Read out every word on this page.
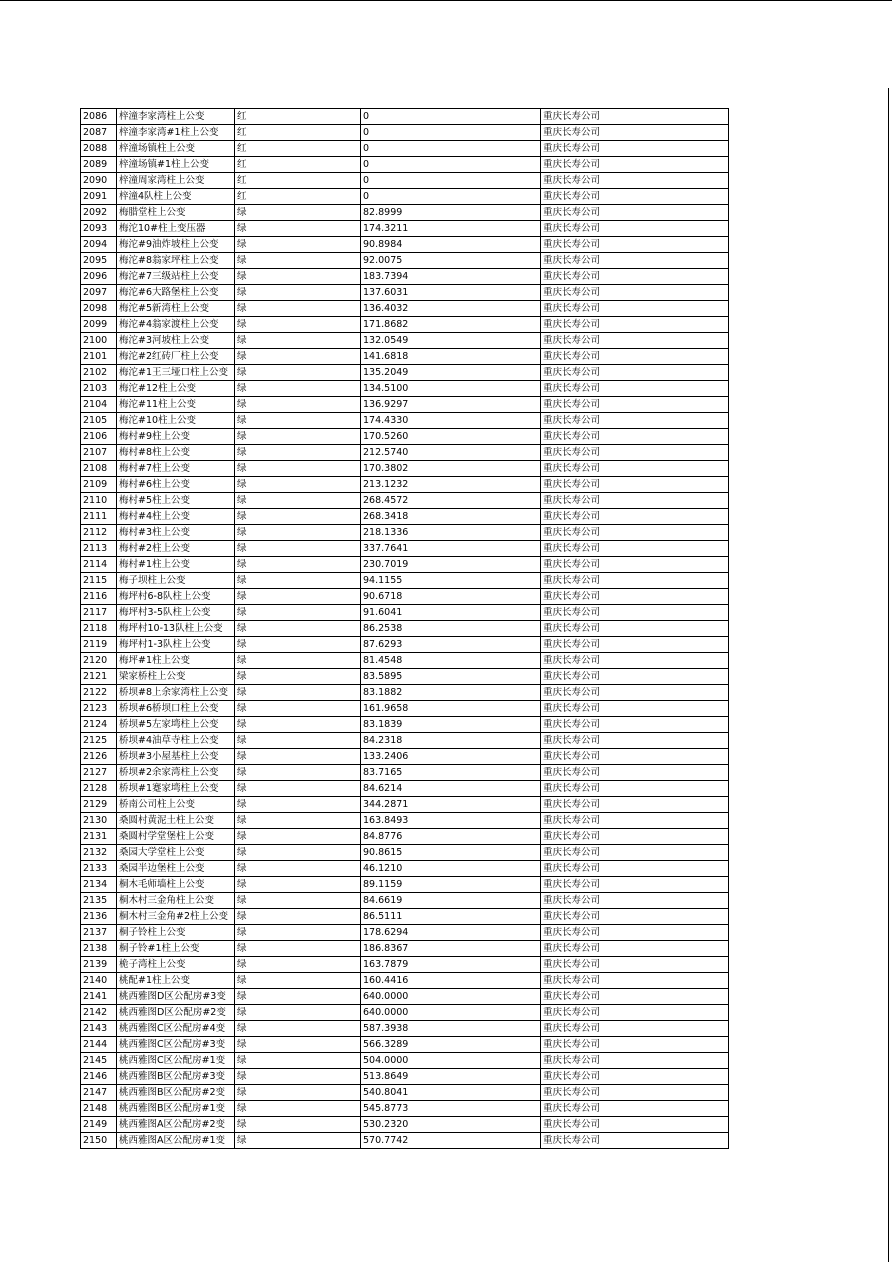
2086	梓潼李家湾柱上公变	红	0	重庆长寿公司
2087	梓潼李家湾#1柱上公变	红	0	重庆长寿公司
2088	梓潼场镇柱上公变	红	0	重庆长寿公司
2089	梓潼场镇#1柱上公变	红	0	重庆长寿公司
2090	梓潼周家湾柱上公变	红	0	重庆长寿公司
2091	梓潼4队柱上公变	红	0	重庆长寿公司
2092	梅腊堂柱上公变	绿	82.8999	重庆长寿公司
2093	梅沱10#柱上变压器	绿	174.3211	重庆长寿公司
2094	梅沱#9油炸坡柱上公变	绿	90.8984	重庆长寿公司
2095	梅沱#8翁家坪柱上公变	绿	92.0075	重庆长寿公司
2096	梅沱#7三级站柱上公变	绿	183.7394	重庆长寿公司
2097	梅沱#6大路堡柱上公变	绿	137.6031	重庆长寿公司
2098	梅沱#5新湾柱上公变	绿	136.4032	重庆长寿公司
2099	梅沱#4翁家渡柱上公变	绿	171.8682	重庆长寿公司
2100	梅沱#3河坡柱上公变	绿	132.0549	重庆长寿公司
2101	梅沱#2红砖厂柱上公变	绿	141.6818	重庆长寿公司
2102	梅沱#1王三垭口柱上公变	绿	135.2049	重庆长寿公司
2103	梅沱#12柱上公变	绿	134.5100	重庆长寿公司
2104	梅沱#11柱上公变	绿	136.9297	重庆长寿公司
2105	梅沱#10柱上公变	绿	174.4330	重庆长寿公司
2106	梅村#9柱上公变	绿	170.5260	重庆长寿公司
2107	梅村#8柱上公变	绿	212.5740	重庆长寿公司
2108	梅村#7柱上公变	绿	170.3802	重庆长寿公司
2109	梅村#6柱上公变	绿	213.1232	重庆长寿公司
2110	梅村#5柱上公变	绿	268.4572	重庆长寿公司
2111	梅村#4柱上公变	绿	268.3418	重庆长寿公司
2112	梅村#3柱上公变	绿	218.1336	重庆长寿公司
2113	梅村#2柱上公变	绿	337.7641	重庆长寿公司
2114	梅村#1柱上公变	绿	230.7019	重庆长寿公司
2115	梅子坝柱上公变	绿	94.1155	重庆长寿公司
2116	梅坪村6-8队柱上公变	绿	90.6718	重庆长寿公司
2117	梅坪村3-5队柱上公变	绿	91.6041	重庆长寿公司
2118	梅坪村10-13队柱上公变	绿	86.2538	重庆长寿公司
2119	梅坪村1-3队柱上公变	绿	87.6293	重庆长寿公司
2120	梅坪#1柱上公变	绿	81.4548	重庆长寿公司
2121	梁家桥柱上公变	绿	83.5895	重庆长寿公司
2122	桥坝#8上余家湾柱上公变	绿	83.1882	重庆长寿公司
2123	桥坝#6桥坝口柱上公变	绿	161.9658	重庆长寿公司
2124	桥坝#5左家塆柱上公变	绿	83.1839	重庆长寿公司
2125	桥坝#4油草寺柱上公变	绿	84.2318	重庆长寿公司
2126	桥坝#3小屋基柱上公变	绿	133.2406	重庆长寿公司
2127	桥坝#2余家湾柱上公变	绿	83.7165	重庆长寿公司
2128	桥坝#1蹇家塆柱上公变	绿	84.6214	重庆长寿公司
2129	桥南公司柱上公变	绿	344.2871	重庆长寿公司
2130	桑圆村黄泥土柱上公变	绿	163.8493	重庆长寿公司
2131	桑圆村学堂堡柱上公变	绿	84.8776	重庆长寿公司
2132	桑园大学堂柱上公变	绿	90.8615	重庆长寿公司
2133	桑园半边堡柱上公变	绿	46.1210	重庆长寿公司
2134	桐木毛师墙柱上公变	绿	89.1159	重庆长寿公司
2135	桐木村三金角柱上公变	绿	84.6619	重庆长寿公司
2136	桐木村三金角#2柱上公变	绿	86.5111	重庆长寿公司
2137	桐子铃柱上公变	绿	178.6294	重庆长寿公司
2138	桐子铃#1柱上公变	绿	186.8367	重庆长寿公司
2139	桅子湾柱上公变	绿	163.7879	重庆长寿公司
2140	桃配#1柱上公变	绿	160.4416	重庆长寿公司
2141	桃西雅图D区公配房#3变	绿	640.0000	重庆长寿公司
2142	桃西雅图D区公配房#2变	绿	640.0000	重庆长寿公司
2143	桃西雅图C区公配房#4变	绿	587.3938	重庆长寿公司
2144	桃西雅图C区公配房#3变	绿	566.3289	重庆长寿公司
2145	桃西雅图C区公配房#1变	绿	504.0000	重庆长寿公司
2146	桃西雅图B区公配房#3变	绿	513.8649	重庆长寿公司
2147	桃西雅图B区公配房#2变	绿	540.8041	重庆长寿公司
2148	桃西雅图B区公配房#1变	绿	545.8773	重庆长寿公司
2149	桃西雅图A区公配房#2变	绿	530.2320	重庆长寿公司
2150	桃西雅图A区公配房#1变	绿	570.7742	重庆长寿公司
